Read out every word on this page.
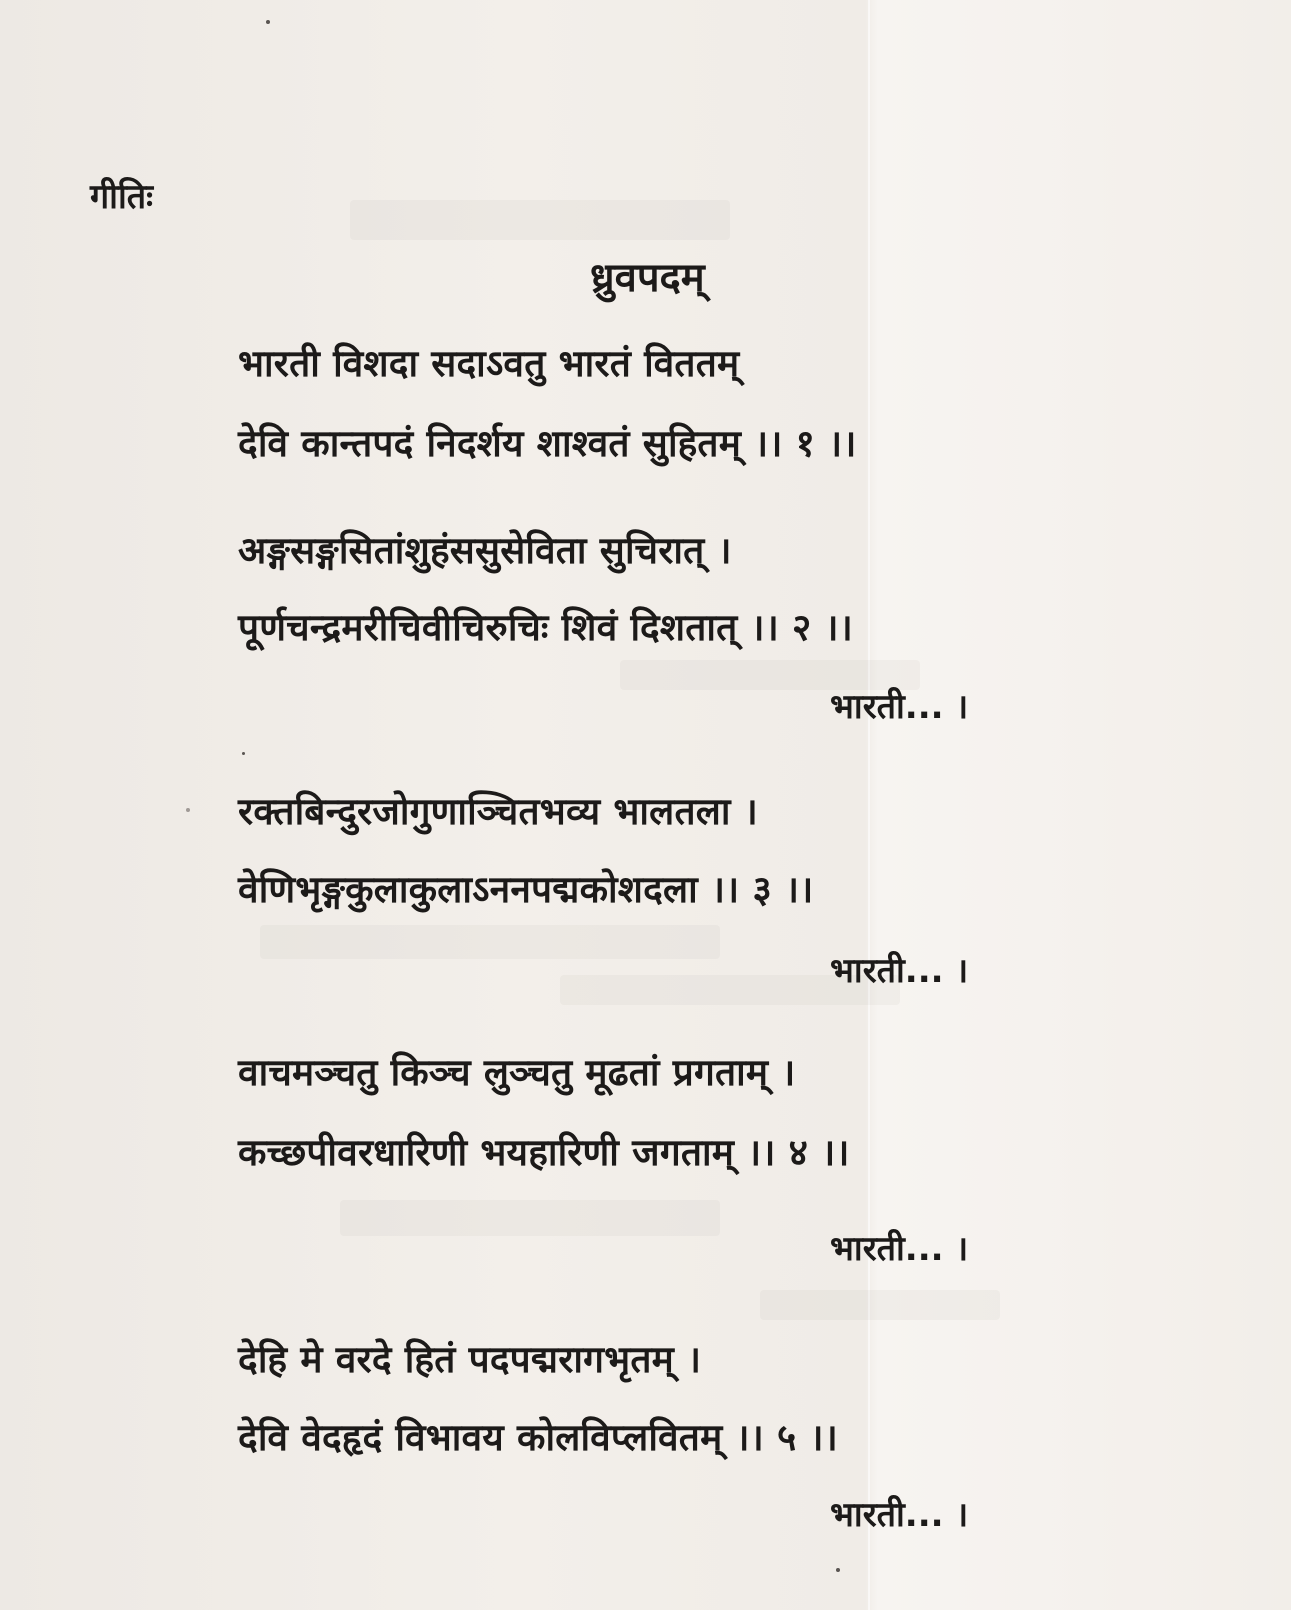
गीतिः
ध्रुवपदम्
भारती विशदा सदाऽवतु भारतं विततम्
देवि कान्तपदं निदर्शय शाश्वतं सुहितम् ।। १ ।।
अङ्गसङ्गसितांशुहंससुसेविता सुचिरात् ।
पूर्णचन्द्रमरीचिवीचिरुचिः शिवं दिशतात् ।। २ ।।
भारती... ।
रक्तबिन्दुरजोगुणाञ्चितभव्य भालतला ।
वेणिभृङ्गकुलाकुलाऽननपद्मकोशदला ।। ३ ।।
भारती... ।
वाचमञ्चतु किञ्च लुञ्चतु मूढतां प्रगताम् ।
कच्छपीवरधारिणी भयहारिणी जगताम् ।। ४ ।।
भारती... ।
देहि मे वरदे हितं पदपद्मरागभृतम् ।
देवि वेदहृदं विभावय कोलविप्लवितम् ।। ५ ।।
भारती... ।
